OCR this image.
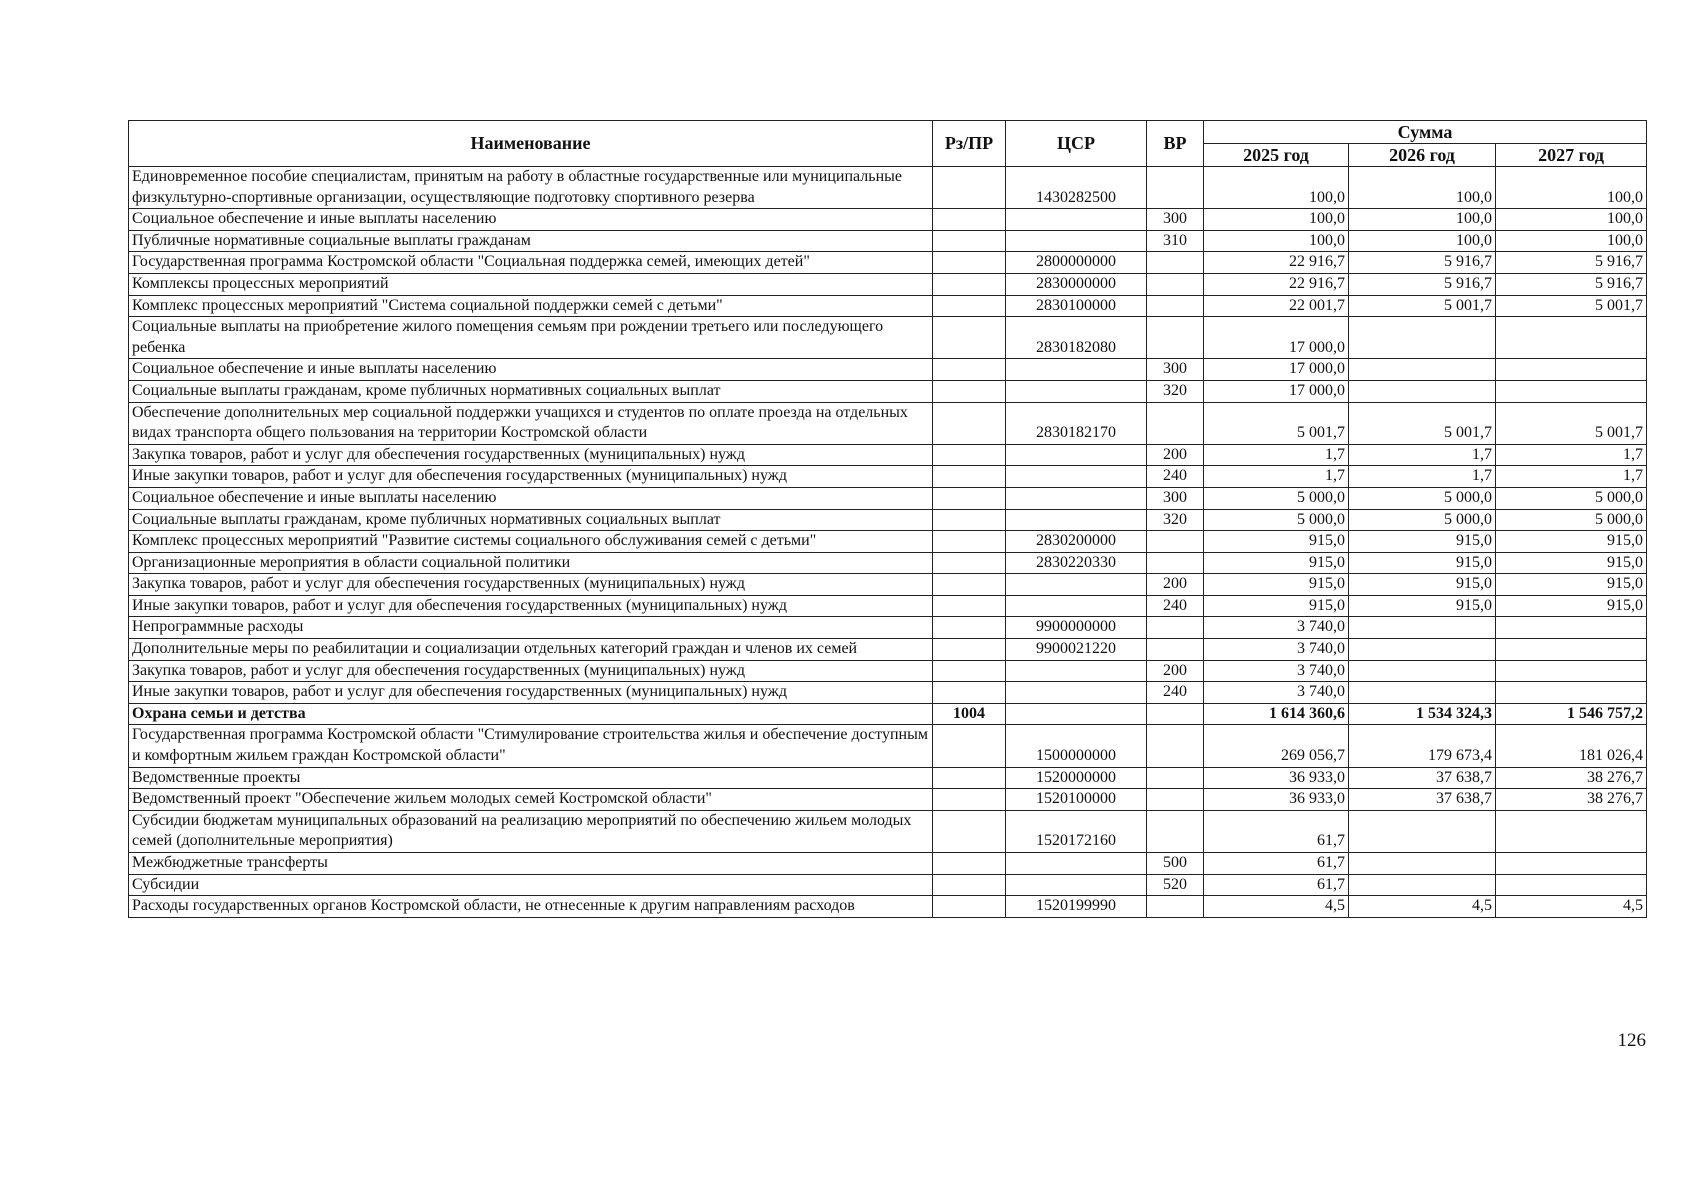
Наименование	Рз/ПР	ЦСР	ВР	Сумма		
				2025 год	2026 год	2027 год
Единовременное пособие специалистам, принятым на работу в областные государственные или муниципальные физкультурно-спортивные организации, осуществляющие подготовку спортивного резерва		1430282500		100,0	100,0	100,0
Социальное обеспечение и иные выплаты населению			300	100,0	100,0	100,0
Публичные нормативные социальные выплаты гражданам			310	100,0	100,0	100,0
Государственная программа Костромской области "Социальная поддержка семей, имеющих детей"		2800000000		22 916,7	5 916,7	5 916,7
Комплексы процессных мероприятий		2830000000		22 916,7	5 916,7	5 916,7
Комплекс процессных мероприятий "Система социальной поддержки семей с детьми"		2830100000		22 001,7	5 001,7	5 001,7
Социальные выплаты на приобретение жилого помещения семьям при рождении третьего или последующего ребенка		2830182080		17 000,0		
Социальное обеспечение и иные выплаты населению			300	17 000,0		
Социальные выплаты гражданам, кроме публичных нормативных социальных выплат			320	17 000,0		
Обеспечение дополнительных мер социальной поддержки учащихся и студентов по оплате проезда на отдельных видах транспорта общего пользования на территории Костромской области		2830182170		5 001,7	5 001,7	5 001,7
Закупка товаров, работ и услуг для обеспечения государственных (муниципальных) нужд			200	1,7	1,7	1,7
Иные закупки товаров, работ и услуг для обеспечения государственных (муниципальных) нужд			240	1,7	1,7	1,7
Социальное обеспечение и иные выплаты населению			300	5 000,0	5 000,0	5 000,0
Социальные выплаты гражданам, кроме публичных нормативных социальных выплат			320	5 000,0	5 000,0	5 000,0
Комплекс процессных мероприятий "Развитие системы социального обслуживания семей с детьми"		2830200000		915,0	915,0	915,0
Организационные мероприятия в области социальной политики		2830220330		915,0	915,0	915,0
Закупка товаров, работ и услуг для обеспечения государственных (муниципальных) нужд			200	915,0	915,0	915,0
Иные закупки товаров, работ и услуг для обеспечения государственных (муниципальных) нужд			240	915,0	915,0	915,0
Непрограммные расходы		9900000000		3 740,0		
Дополнительные меры по реабилитации и социализации отдельных категорий граждан и членов их семей		9900021220		3 740,0		
Закупка товаров, работ и услуг для обеспечения государственных (муниципальных) нужд			200	3 740,0		
Иные закупки товаров, работ и услуг для обеспечения государственных (муниципальных) нужд			240	3 740,0		
Охрана семьи и детства	1004			1 614 360,6	1 534 324,3	1 546 757,2
Государственная программа Костромской области "Стимулирование строительства жилья и обеспечение доступным и комфортным жильем граждан Костромской области"		1500000000		269 056,7	179 673,4	181 026,4
Ведомственные проекты		1520000000		36 933,0	37 638,7	38 276,7
Ведомственный проект "Обеспечение жильем молодых семей Костромской области"		1520100000		36 933,0	37 638,7	38 276,7
Субсидии бюджетам муниципальных образований на реализацию мероприятий по обеспечению жильем молодых семей (дополнительные мероприятия)		1520172160		61,7		
Межбюджетные трансферты			500	61,7		
Субсидии			520	61,7		
Расходы государственных органов Костромской области, не отнесенные к другим направлениям расходов		1520199990		4,5	4,5	4,5
126
